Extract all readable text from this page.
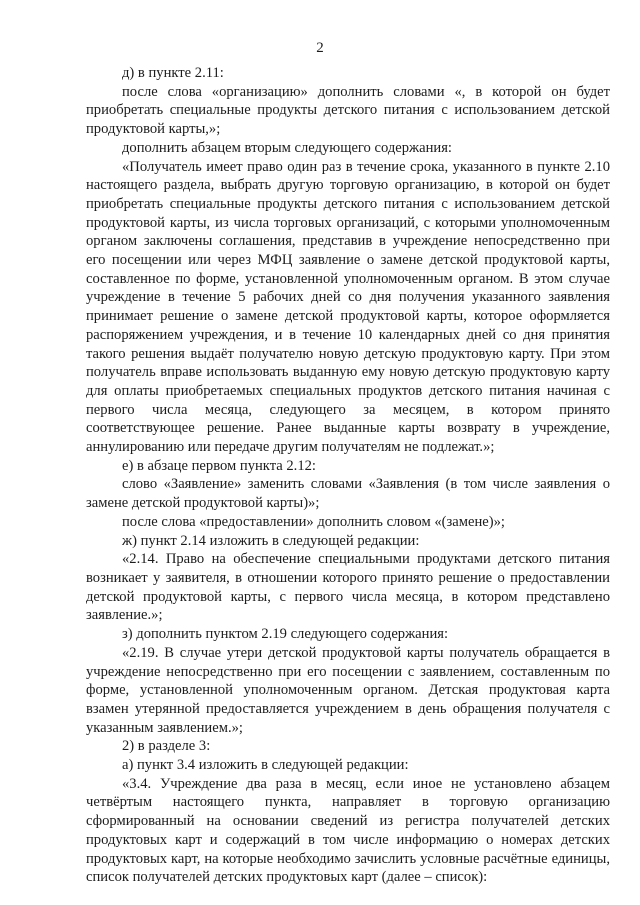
2

д) в пункте 2.11:

после слова «организацию» дополнить словами «, в которой он будет приобретать специальные продукты детского питания с использованием детской продуктовой карты,»;

дополнить абзацем вторым следующего содержания:

«Получатель имеет право один раз в течение срока, указанного в пункте 2.10 настоящего раздела, выбрать другую торговую организацию, в которой он будет приобретать специальные продукты детского питания с использованием детской продуктовой карты, из числа торговых организаций, с которыми уполномоченным органом заключены соглашения, представив в учреждение непосредственно при его посещении или через МФЦ заявление о замене детской продуктовой карты, составленное по форме, установленной уполномоченным органом. В этом случае учреждение в течение 5 рабочих дней со дня получения указанного заявления принимает решение о замене детской продуктовой карты, которое оформляется распоряжением учреждения, и в течение 10 календарных дней со дня принятия такого решения выдаёт получателю новую детскую продуктовую карту. При этом получатель вправе использовать выданную ему новую детскую продуктовую карту для оплаты приобретаемых специальных продуктов детского питания начиная с первого числа месяца, следующего за месяцем, в котором принято соответствующее решение. Ранее выданные карты возврату в учреждение, аннулированию или передаче другим получателям не подлежат.»;

е) в абзаце первом пункта 2.12:

слово «Заявление» заменить словами «Заявления (в том числе заявления о замене детской продуктовой карты)»;

после слова «предоставлении» дополнить словом «(замене)»;

ж) пункт 2.14 изложить в следующей редакции:

«2.14. Право на обеспечение специальными продуктами детского питания возникает у заявителя, в отношении которого принято решение о предоставлении детской продуктовой карты, с первого числа месяца, в котором представлено заявление.»;

з) дополнить пунктом 2.19 следующего содержания:

«2.19. В случае утери детской продуктовой карты получатель обращается в учреждение непосредственно при его посещении с заявлением, составленным по форме, установленной уполномоченным органом. Детская продуктовая карта взамен утерянной предоставляется учреждением в день обращения получателя с указанным заявлением.»;

2) в разделе 3:

а) пункт 3.4 изложить в следующей редакции:

«3.4. Учреждение два раза в месяц, если иное не установлено абзацем четвёртым настоящего пункта, направляет в торговую организацию сформированный на основании сведений из регистра получателей детских продуктовых карт и содержаций в том числе информацию о номерах детских продуктовых карт, на которые необходимо зачислить условные расчётные единицы, список получателей детских продуктовых карт (далее – список):
